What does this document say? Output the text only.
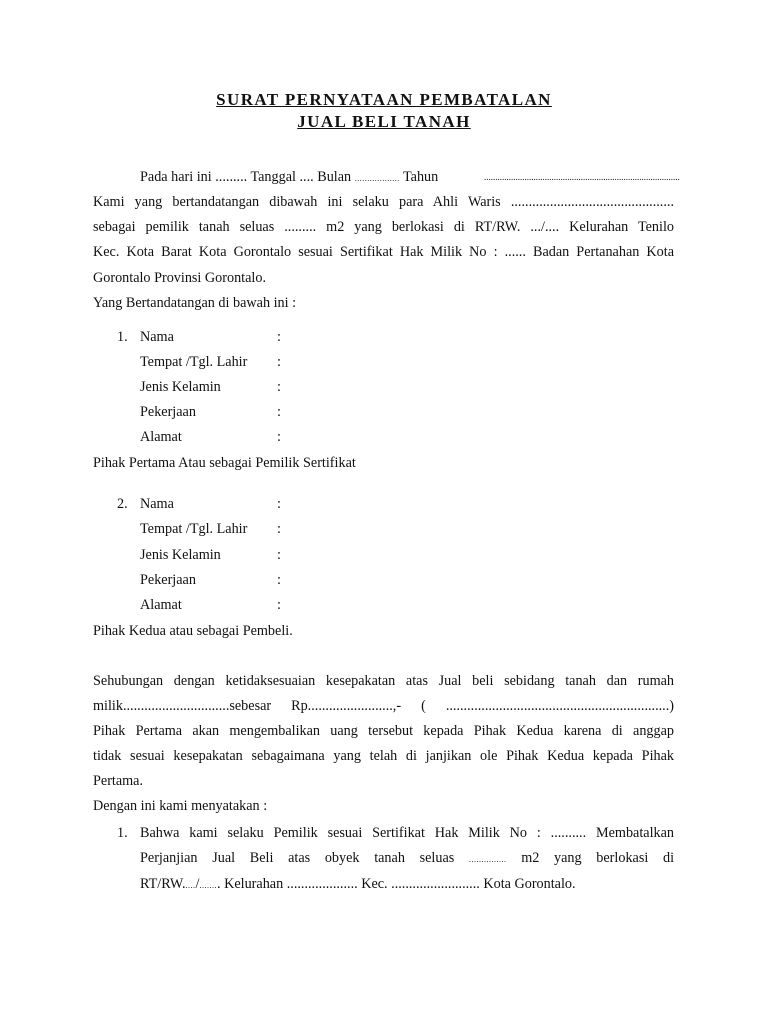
SURAT PERNYATAAN PEMBATALAN
JUAL BELI TANAH
Pada hari ini ......... Tanggal .... Bulan .................. Tahun	.......................................................................................
Kami yang bertandatangan dibawah ini selaku para Ahli Waris ..............................................
sebagai pemilik tanah seluas ......... m2 yang berlokasi di RT/RW. .../.... Kelurahan Tenilo
Kec. Kota Barat Kota Gorontalo sesuai Sertifikat Hak Milik No : ...... Badan Pertanahan Kota
Gorontalo Provinsi Gorontalo.
Yang Bertandatangan di bawah ini :
1. Nama	:
Tempat /Tgl. Lahir :
Jenis Kelamin	:
Pekerjaan	:
Alamat	:
Pihak Pertama Atau sebagai Pemilik Sertifikat
2. Nama	:
Tempat /Tgl. Lahir :
Jenis Kelamin	:
Pekerjaan	:
Alamat	:
Pihak Kedua atau sebagai Pembeli.
Sehubungan dengan ketidaksesuaian kesepakatan atas Jual beli sebidang tanah dan rumah
milik..............................sebesar Rp........................,- ( ...............................................................)
Pihak Pertama akan mengembalikan uang tersebut kepada Pihak Kedua karena di anggap
tidak sesuai kesepakatan sebagaimana yang telah di janjikan ole Pihak Kedua kepada Pihak
Pertama.
Dengan ini kami menyatakan :
1. Bahwa kami selaku Pemilik sesuai Sertifikat Hak Milik No : .......... Membatalkan
Perjanjian Jual Beli atas obyek tanah seluas ............... m2 yang berlokasi di
RT/RW...../........ Kelurahan .................... Kec. ......................... Kota Gorontalo.
